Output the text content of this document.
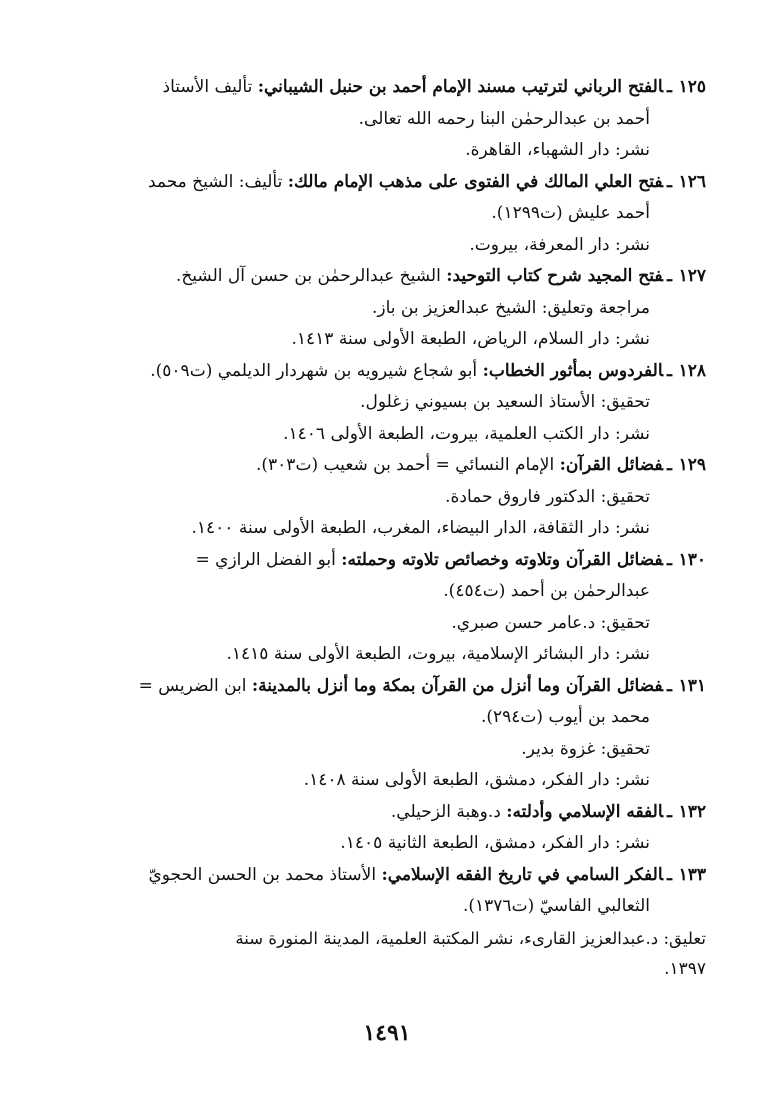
١٢٥ـالفتح الرباني لترتيب مسند الإمام أحمد بن حنبل الشيباني: تأليف الأستاذ
أحمد بن عبدالرحمٰن البنا رحمه الله تعالى.
نشر: دار الشهباء، القاهرة.
١٢٦ـفتح العلي المالك في الفتوى على مذهب الإمام مالك: تأليف: الشيخ محمد
أحمد عليش (ت١٢٩٩).
نشر: دار المعرفة، بيروت.
١٢٧ـفتح المجيد شرح كتاب التوحيد: الشيخ عبدالرحمٰن بن حسن آل الشيخ.
مراجعة وتعليق: الشيخ عبدالعزيز بن باز.
نشر: دار السلام، الرياض، الطبعة الأولى سنة ١٤١٣.
١٢٨ـالفردوس بمأثور الخطاب: أبو شجاع شيرويه بن شهردار الديلمي (ت٥٠٩).
تحقيق: الأستاذ السعيد بن بسيوني زغلول.
نشر: دار الكتب العلمية، بيروت، الطبعة الأولى ١٤٠٦.
١٢٩ـفضائل القرآن: الإمام النسائي = أحمد بن شعيب (ت٣٠٣).
تحقيق: الدكتور فاروق حمادة.
نشر: دار الثقافة، الدار البيضاء، المغرب، الطبعة الأولى سنة ١٤٠٠.
١٣٠ـفضائل القرآن وتلاوته وخصائص تلاوته وحملته: أبو الفضل الرازي =
عبدالرحمٰن بن أحمد (ت٤٥٤).
تحقيق: د.عامر حسن صبري.
نشر: دار البشائر الإسلامية، بيروت، الطبعة الأولى سنة ١٤١٥.
١٣١ـفضائل القرآن وما أنزل من القرآن بمكة وما أنزل بالمدينة: ابن الضريس =
محمد بن أيوب (ت٢٩٤).
تحقيق: غزوة بدير.
نشر: دار الفكر، دمشق، الطبعة الأولى سنة ١٤٠٨.
١٣٢ـالفقه الإسلامي وأدلته: د.وهبة الزحيلي.
نشر: دار الفكر، دمشق، الطبعة الثانية ١٤٠٥.
١٣٣ـالفكر السامي في تاريخ الفقه الإسلامي: الأستاذ محمد بن الحسن الحجويّ
الثعالبي الفاسيّ (ت١٣٧٦).
تعليق: د.عبدالعزيز القارىء، نشر المكتبة العلمية، المدينة المنورة سنة
١٣٩٧.
١٤٩١
